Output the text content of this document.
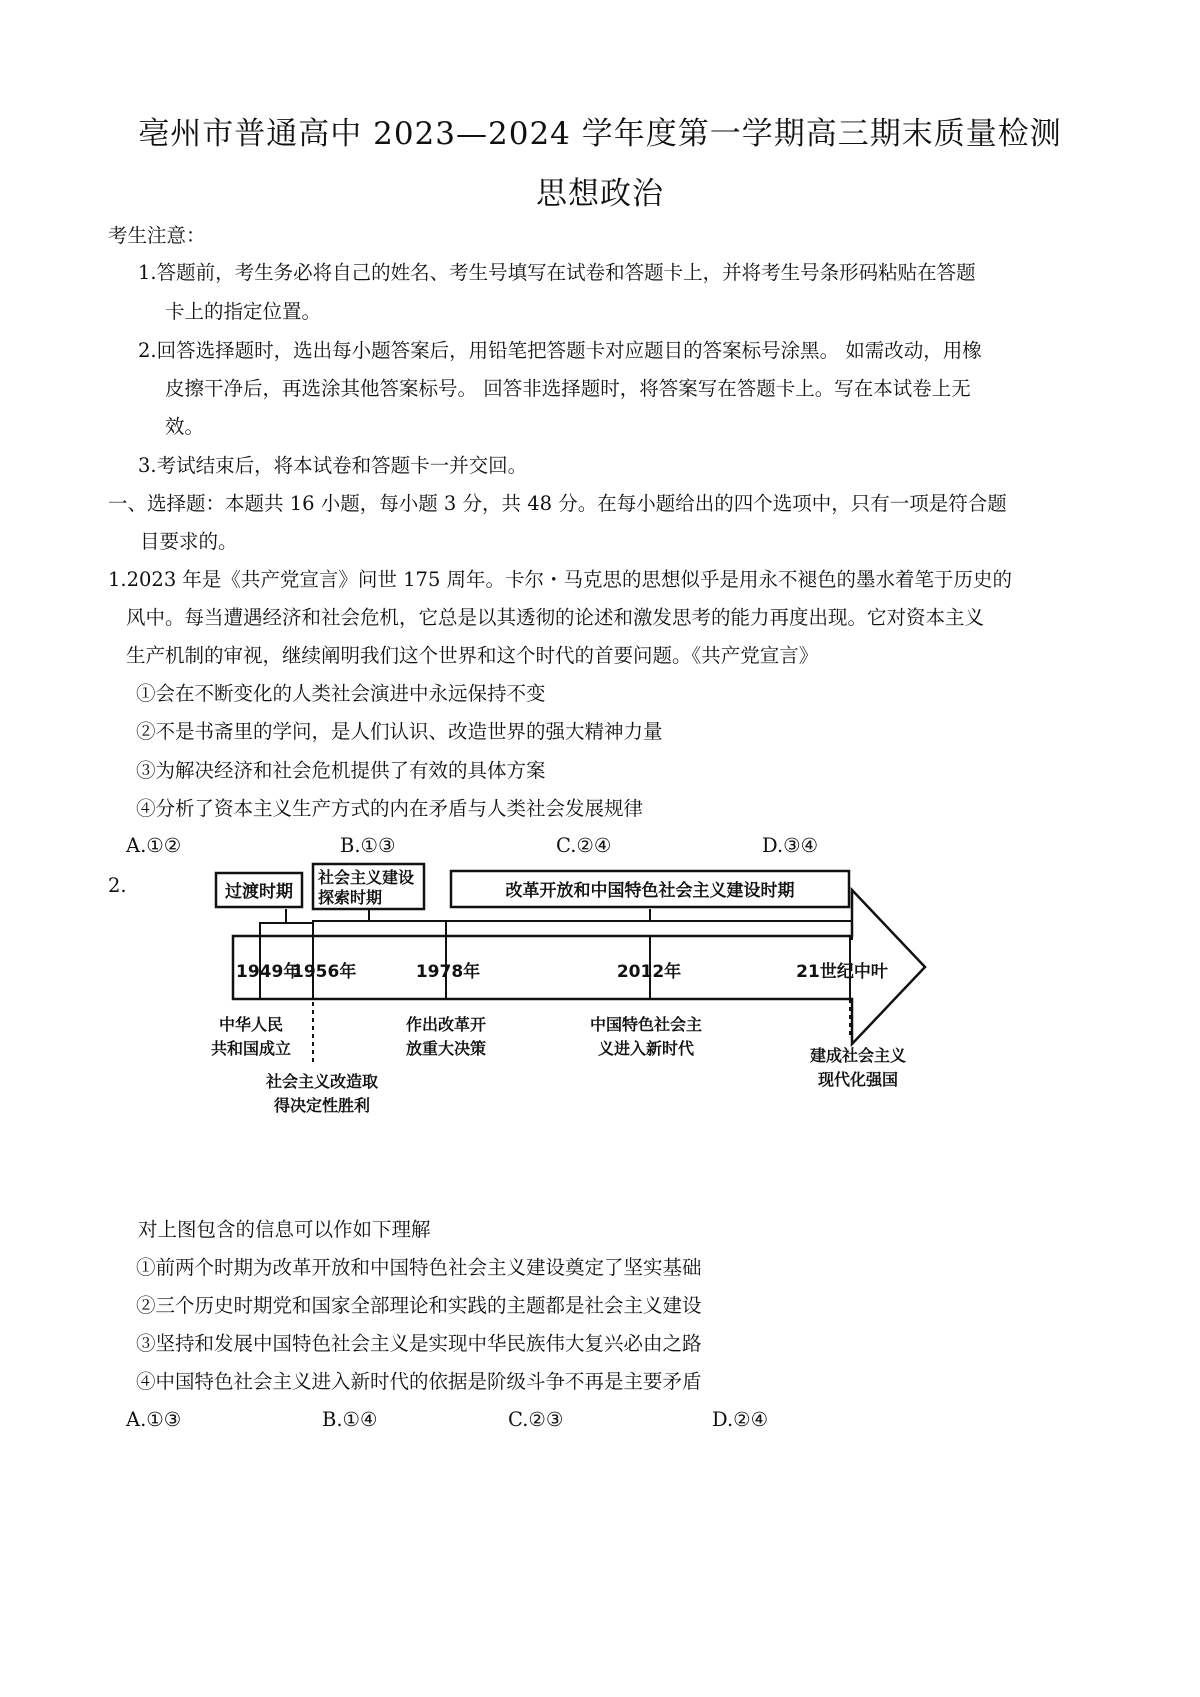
亳州市普通高中 2023—2024 学年度第一学期高三期末质量检测
思想政治
考生注意：
1.答题前，考生务必将自己的姓名、考生号填写在试卷和答题卡上，并将考生号条形码粘贴在答题
卡上的指定位置。
2.回答选择题时，选出每小题答案后，用铅笔把答题卡对应题目的答案标号涂黑。 如需改动，用橡
皮擦干净后，再选涂其他答案标号。 回答非选择题时，将答案写在答题卡上。写在本试卷上无
效。
3.考试结束后，将本试卷和答题卡一并交回。
一、选择题：本题共 16 小题，每小题 3 分，共 48 分。在每小题给出的四个选项中，只有一项是符合题
目要求的。
1.2023 年是《共产党宣言》问世 175 周年。卡尔・马克思的思想似乎是用永不褪色的墨水着笔于历史的
风中。每当遭遇经济和社会危机，它总是以其透彻的论述和激发思考的能力再度出现。它对资本主义
生产机制的审视，继续阐明我们这个世界和这个时代的首要问题。《共产党宣言》
①会在不断变化的人类社会演进中永远保持不变
②不是书斋里的学问，是人们认识、改造世界的强大精神力量
③为解决经济和社会危机提供了有效的具体方案
④分析了资本主义生产方式的内在矛盾与人类社会发展规律
A.①②	B.①③	C.②④	D.③④
2.	过渡时期
社会主义建设
探索时期	改革开放和中国特色社会主义建设时期
1949年
1956年	1978年	2012年	21世纪中叶
中华人民
共和国成立
社会主义改造取
得决定性胜利
作出改革开
放重大决策
中国特色社会主
义进入新时代	建成社会主义
现代化强国
对上图包含的信息可以作如下理解
①前两个时期为改革开放和中国特色社会主义建设奠定了坚实基础
②三个历史时期党和国家全部理论和实践的主题都是社会主义建设
③坚持和发展中国特色社会主义是实现中华民族伟大复兴必由之路
④中国特色社会主义进入新时代的依据是阶级斗争不再是主要矛盾
A.①③	B.①④	C.②③	D.②④
